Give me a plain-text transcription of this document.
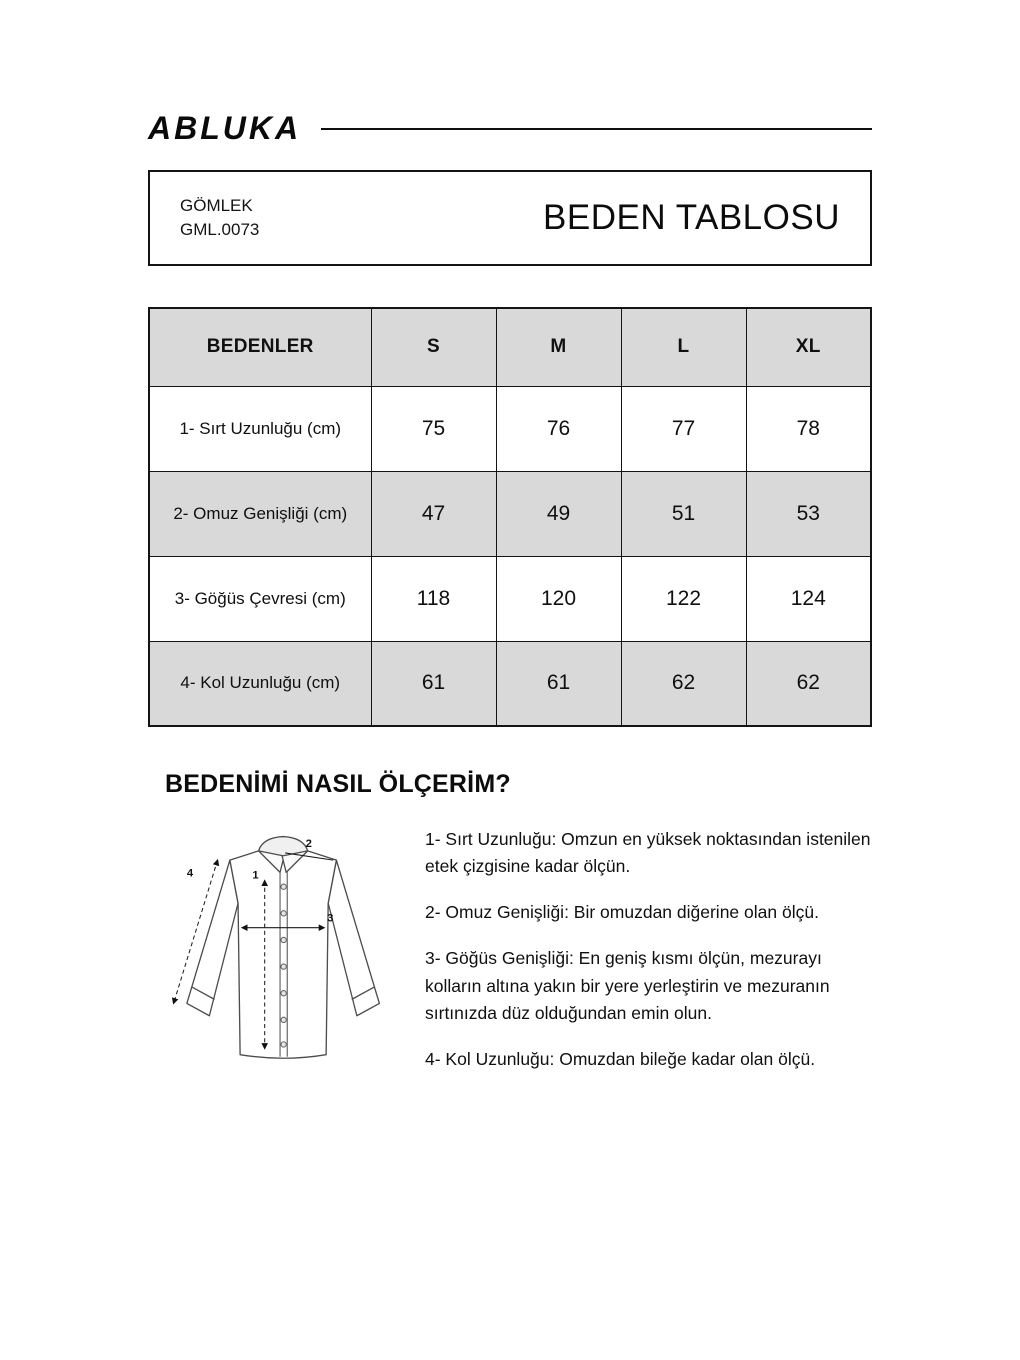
ABLUKA
GÖMLEK
GML.0073	BEDEN TABLOSU
BEDENLER	S	M	L	XL
1- Sırt Uzunluğu (cm)	75	76	77	78
2- Omuz Genişliği (cm)	47	49	51	53
3- Göğüs Çevresi (cm)	118	120	122	124
4- Kol Uzunluğu (cm)	61	61	62	62
BEDENİMİ NASIL ÖLÇERİM?
1
2
3
4

1- Sırt Uzunluğu: Omzun en yüksek noktasından istenilen etek çizgisine kadar ölçün.

2- Omuz Genişliği: Bir omuzdan diğerine olan ölçü.

3- Göğüs Genişliği: En geniş kısmı ölçün, mezurayı kolların altına yakın bir yere yerleştirin ve mezuranın sırtınızda düz olduğundan emin olun.

4- Kol Uzunluğu: Omuzdan bileğe kadar olan ölçü.
